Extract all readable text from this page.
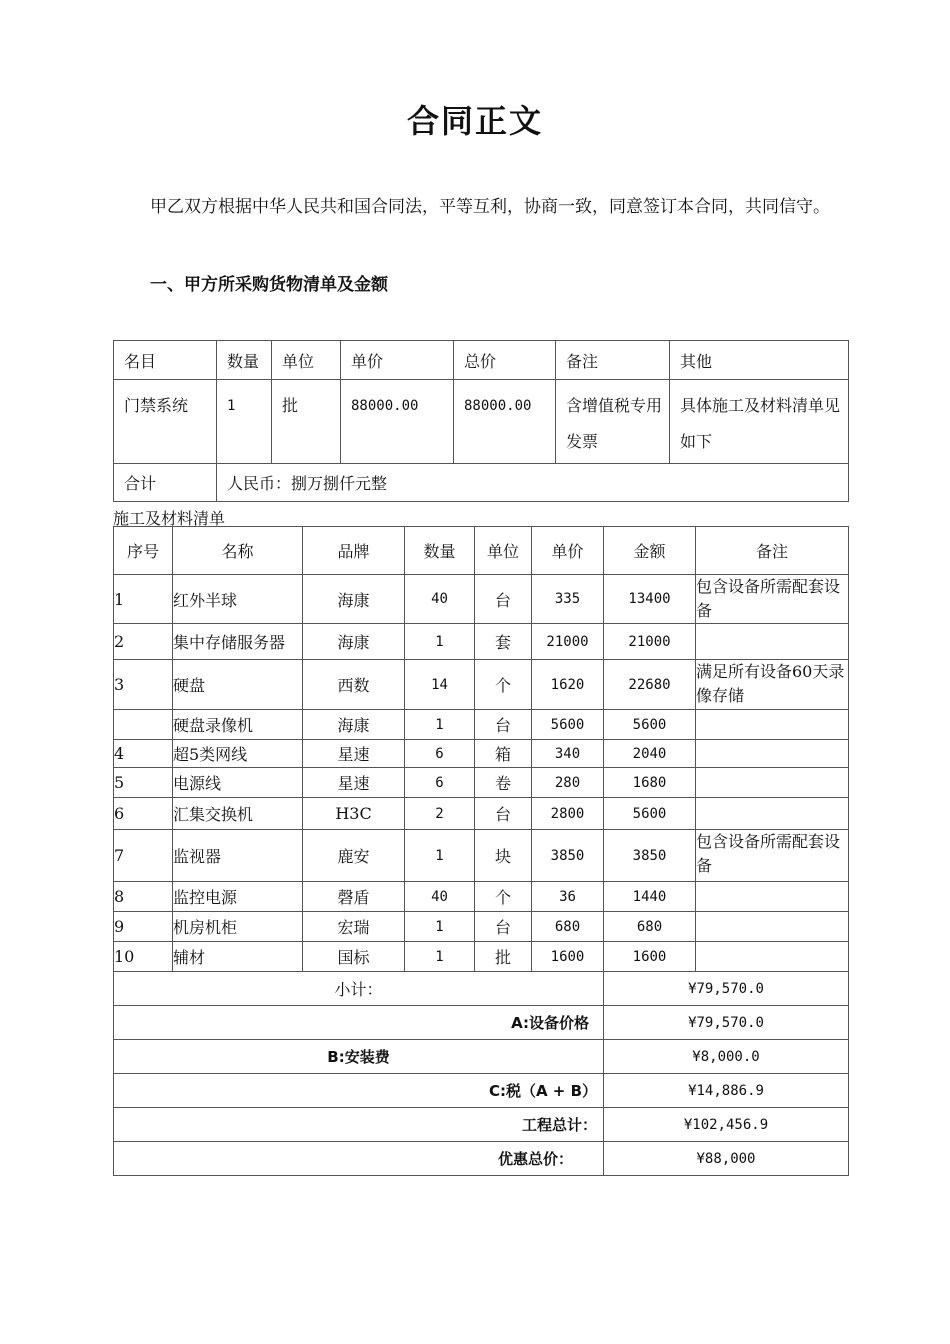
合同正文
甲乙双方根据中华人民共和国合同法，平等互利，协商一致，同意签订本合同，共同信守。
一、甲方所采购货物清单及金额
名目	数量	单位	单价	总价	备注	其他
门禁系统	1	批	88000.00	88000.00	含增值税专用发票	具体施工及材料清单见如下
合计	人民币：捌万捌仟元整					
施工及材料清单
序号	名称	品牌	数量	单位	单价	金额	备注
1	红外半球	海康	40	台	335	13400	包含设备所需配套设备
2	集中存储服务器	海康	1	套	21000	21000	
3	硬盘	西数	14	个	1620	22680	满足所有设备60天录像存储
	硬盘录像机	海康	1	台	5600	5600	
4	超5类网线	星速	6	箱	340	2040	
5	电源线	星速	6	卷	280	1680	
6	汇集交换机	H3C	2	台	2800	5600	
7	监视器	鹿安	1	块	3850	3850	包含设备所需配套设备
8	监控电源	磬盾	40	个	36	1440	
9	机房机柜	宏瑞	1	台	680	680	
10	辅材	国标	1	批	1600	1600	
小计：						¥79,570.0	
A:设备价格						¥79,570.0	
B:安装费						¥8,000.0	
C:税（A + B）						¥14,886.9	
工程总计：						¥102,456.9	
优惠总价：						¥88,000	
